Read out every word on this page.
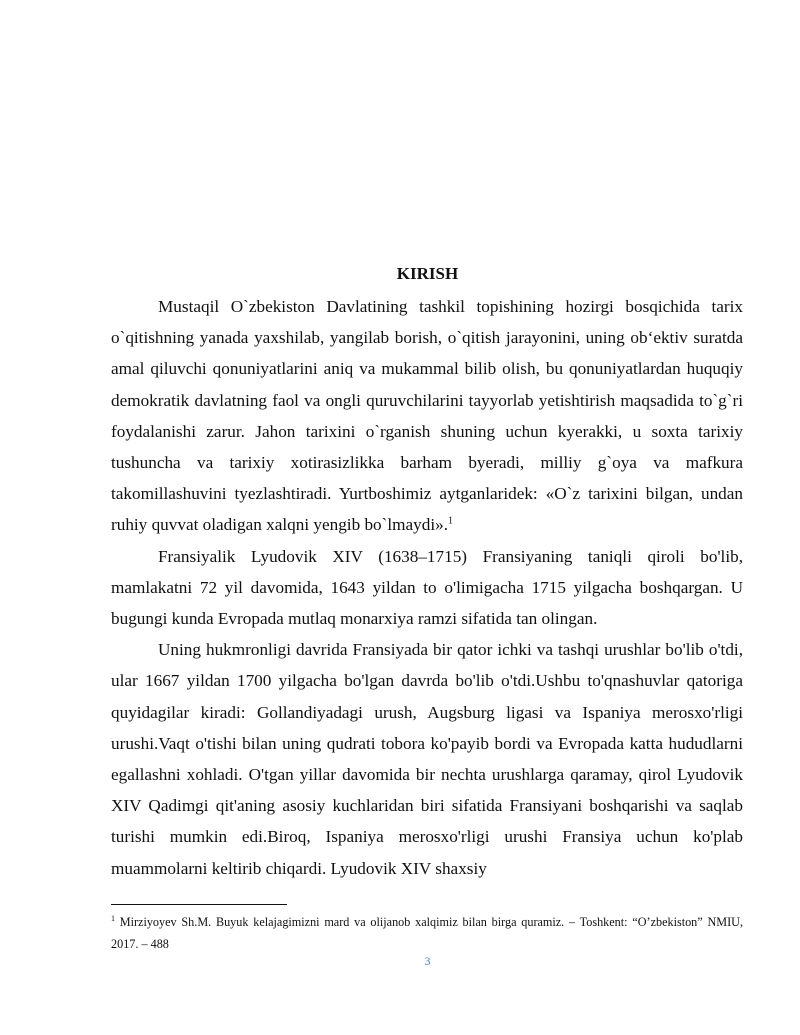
KIRISH

Mustaqil O`zbekiston Davlatining tashkil topishining hozirgi bosqichida tarix o`qitishning yanada yaxshilab, yangilab borish, o`qitish jarayonini, uning ob‘ektiv suratda amal qiluvchi qonuniyatlarini aniq va mukammal bilib olish, bu qonuniyatlardan huquqiy demokratik davlatning faol va ongli quruvchilarini tayyorlab yetishtirish maqsadida to`g`ri foydalanishi zarur. Jahon tarixini o`rganish shuning uchun kyerakki, u soxta tarixiy tushuncha va tarixiy xotirasizlikka barham byeradi, milliy g`oya va mafkura takomillashuvini tyezlashtiradi. Yurtboshimiz aytganlaridek: «O`z tarixini bilgan, undan ruhiy quvvat oladigan xalqni yengib bo`lmaydi».$^1$

Fransiyalik Lyudovik XIV (1638–1715) Fransiyaning taniqli qiroli bo'lib, mamlakatni 72 yil davomida, 1643 yildan to o'limigacha 1715 yilgacha boshqargan. U bugungi kunda Evropada mutlaq monarxiya ramzi sifatida tan olingan.

Uning hukmronligi davrida Fransiyada bir qator ichki va tashqi urushlar bo'lib o'tdi, ular 1667 yildan 1700 yilgacha bo'lgan davrda bo'lib o'tdi.Ushbu to'qnashuvlar qatoriga quyidagilar kiradi: Gollandiyadagi urush, Augsburg ligasi va Ispaniya merosxo'rligi urushi.Vaqt o'tishi bilan uning qudrati tobora ko'payib bordi va Evropada katta hududlarni egallashni xohladi. O'tgan yillar davomida bir nechta urushlarga qaramay, qirol Lyudovik XIV Qadimgi qit'aning asosiy kuchlaridan biri sifatida Fransiyani boshqarishi va saqlab turishi mumkin edi.Biroq, Ispaniya merosxo'rligi urushi Fransiya uchun ko'plab muammolarni keltirib chiqardi. Lyudovik XIV shaxsiy

$^1$ Mirziyoyev Sh.M. Buyuk kelajagimizni mard va olijanob xalqimiz bilan birga quramiz. – Toshkent: “O’zbekiston” NMIU, 2017. – 488
3
